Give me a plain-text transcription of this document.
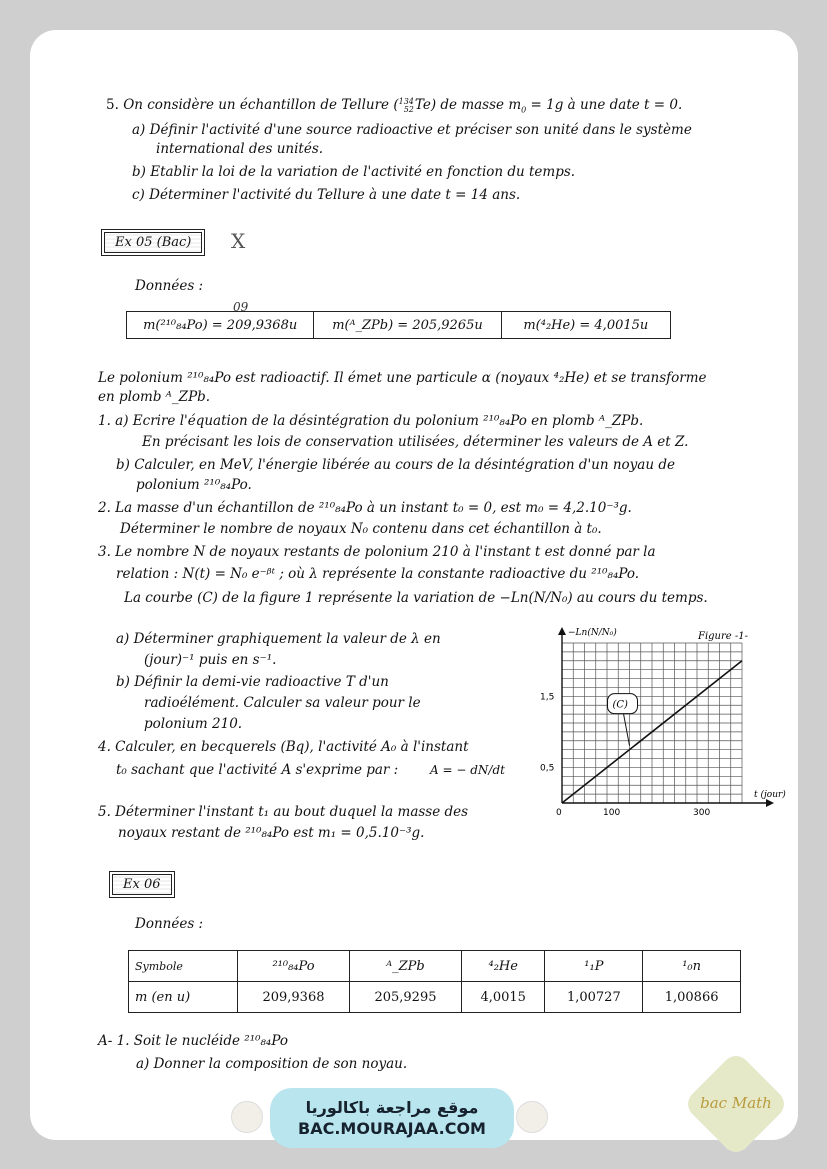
5. On considère un échantillon de Tellure (134
52Te) de masse $m_0 = 1g$ à une date t = 0.
a) Définir l'activité d'une source radioactive et préciser son unité dans le système
international des unités.
b) Etablir la loi de la variation de l'activité en fonction du temps.
c) Déterminer l'activité du Tellure à une date t = 14 ans.
Ex 05 (Bac)	X
Données :
09
m(²¹⁰₈₄Po) = 209,9368u	m(ᴬ_ZPb) = 205,9265u	m(⁴₂He) = 4,0015u
Le polonium ²¹⁰₈₄Po est radioactif. Il émet une particule α (noyaux ⁴₂He) et se transforme
en plomb ᴬ_ZPb.
1. a) Ecrire l'équation de la désintégration du polonium ²¹⁰₈₄Po en plomb ᴬ_ZPb.
En précisant les lois de conservation utilisées, déterminer les valeurs de A et Z.
b) Calculer, en MeV, l'énergie libérée au cours de la désintégration d'un noyau de
polonium ²¹⁰₈₄Po.
2. La masse d'un échantillon de ²¹⁰₈₄Po à un instant t₀ = 0, est m₀ = 4,2.10⁻³g.
Déterminer le nombre de noyaux N₀ contenu dans cet échantillon à t₀.
3. Le nombre N de noyaux restants de polonium 210 à l'instant t est donné par la
relation : N(t) = N₀ e⁻ᵝᵗ ; où λ représente la constante radioactive du ²¹⁰₈₄Po.
La courbe (C) de la figure 1 représente la variation de −Ln(N/N₀) au cours du temps.
a) Déterminer graphiquement la valeur de λ en
(jour)⁻¹ puis en s⁻¹.
b) Définir la demi-vie radioactive T d'un
radioélément. Calculer sa valeur pour le
polonium 210.
4. Calculer, en becquerels (Bq), l'activité A₀ à l'instant
t₀ sachant que l'activité A s'exprime par :	A = − dN/dt
5. Déterminer l'instant t₁ au bout duquel la masse des
noyaux restant de ²¹⁰₈₄Po est m₁ = 0,5.10⁻³g.
0	100	300
0,5
1,5
−Ln(N/N₀)
t (jour)
Figure -1-
(C)
Ex 06
Données :
Symbole	²¹⁰₈₄Po	ᴬ_ZPb	⁴₂He	¹₁P	¹₀n
m (en u)	209,9368	205,9295	4,0015	1,00727	1,00866
A- 1. Soit le nucléide ²¹⁰₈₄Po
a) Donner la composition de son noyau.
موقع مراجعة باكالوريا
BAC.MOURAJAA.COM
bac Math
